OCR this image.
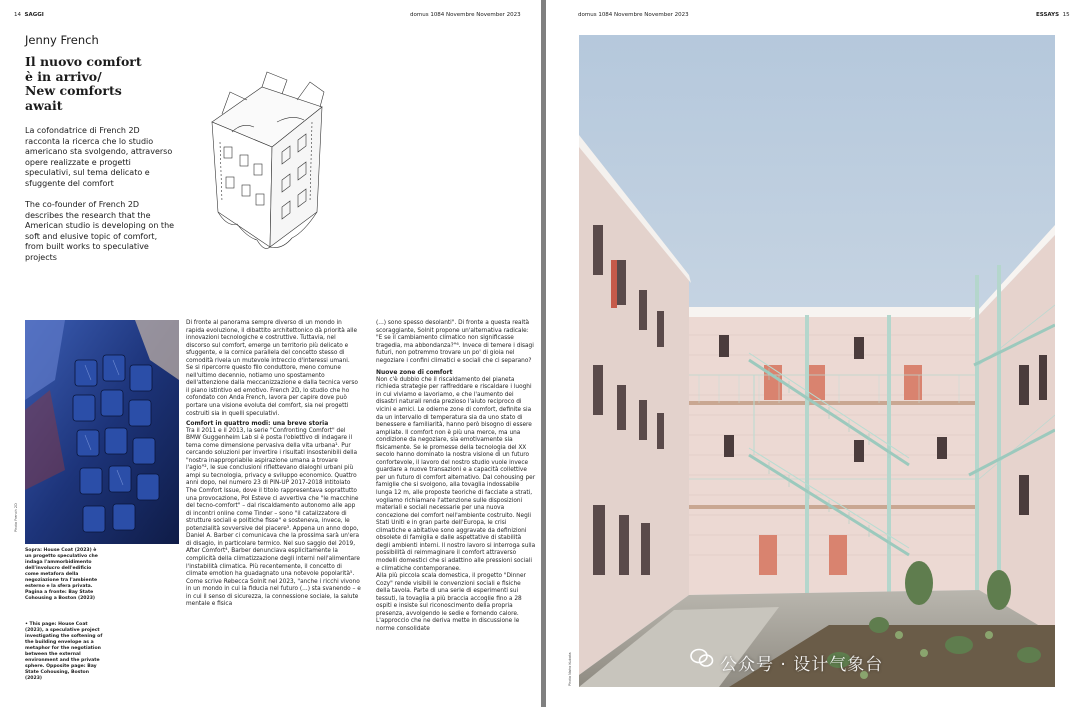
14 SAGGI	domus 1084 Novembre November 2023
Jenny French
Il nuovo comfort
è in arrivo/
New comforts
await
La cofondatrice di French 2D racconta la ricerca che lo studio americano sta svolgendo, attraverso opere realizzate e progetti speculativi, sul tema delicato e sfuggente del comfort
The co-founder of French 2D describes the research that the American studio is developing on the soft and elusive topic of comfort, from built works to speculative projects
Photo French 2D
Sopra: House Coat (2023) è un progetto speculativo che indaga l'ammorbidimento dell'involucro dell'edificio come metafora della negoziazione tra l'ambiente esterno e la sfera privata. Pagina a fronte: Bay State Cohousing a Boston (2023)
• This page: House Coat (2023), a speculative project investigating the softening of the building envelope as a metaphor for the negotiation between the external environment and the private sphere. Opposite page: Bay State Cohousing, Boston (2023)

Di fronte al panorama sempre diverso di un mondo in rapida evoluzione, il dibattito architettonico dà priorità alle innovazioni tecnologiche e costruttive. Tuttavia, nel discorso sul comfort, emerge un territorio più delicato e sfuggente, e la cornice parallela del concetto stesso di comodità rivela un mutevole intreccio d'interessi umani.

Se si ripercorre questo filo conduttore, meno comune nell'ultimo decennio, notiamo uno spostamento dell'attenzione dalla meccanizzazione e dalla tecnica verso il piano istintivo ed emotivo. French 2D, lo studio che ho cofondato con Anda French, lavora per capire dove può portare una visione evoluta del comfort, sia nei progetti costruiti sia in quelli speculativi.

Comfort in quattro modi: una breve storia

Tra il 2011 e il 2013, la serie "Confronting Comfort" del BMW Guggenheim Lab si è posta l'obiettivo di indagare il tema come dimensione pervasiva della vita urbana¹. Pur cercando soluzioni per invertire i risultati insostenibili della "nostra inappropriabile aspirazione umana a trovare l'agio"², le sue conclusioni riflettevano dialoghi urbani più ampi su tecnologia, privacy e sviluppo economico. Quattro anni dopo, nel numero 23 di PIN-UP 2017-2018 intitolato The Comfort Issue, dove il titolo rappresentava soprattutto una provocazione, Pol Esteve ci avvertiva che "le macchine del tecno-comfort" – dal riscaldamento autonomo alle app di incontri online come Tinder – sono "il catalizzatore di strutture sociali e politiche fisse" e sosteneva, invece, le potenzialità sovversive del piacere³. Appena un anno dopo, Daniel A. Barber ci comunicava che la prossima sarà un'era di disagio, in particolare termico. Nel suo saggio del 2019, After Comfort⁴, Barber denunciava esplicitamente la complicità della climatizzazione degli interni nell'alimentare l'instabilità climatica. Più recentemente, il concetto di climate emotion ha guadagnato una notevole popolarità⁵. Come scrive Rebecca Solnit nel 2023, "anche i ricchi vivono in un mondo in cui la fiducia nel futuro (...) sta svanendo – e in cui il senso di sicurezza, la connessione sociale, la salute mentale e fisica

(...) sono spesso desolanti". Di fronte a questa realtà scoraggiante, Solnit propone un'alternativa radicale: "E se il cambiamento climatico non significasse tragedia, ma abbondanza?"⁶. Invece di temere i disagi futuri, non potremmo trovare un po' di gioia nel negoziare i confini climatici e sociali che ci separano?

Nuove zone di comfort

Non c'è dubbio che il riscaldamento del pianeta richieda strategie per raffreddare e riscaldare i luoghi in cui viviamo e lavoriamo, e che l'aumento dei disastri naturali renda prezioso l'aiuto reciproco di vicini e amici. Le odierne zone di comfort, definite sia da un intervallo di temperatura sia da uno stato di benessere e familiarità, hanno però bisogno di essere ampliate. Il comfort non è più una merce, ma una condizione da negoziare, sia emotivamente sia fisicamente. Se le promesse della tecnologia del XX secolo hanno dominato la nostra visione di un futuro confortevole, il lavoro del nostro studio vuole invece guardare a nuove transazioni e a capacità collettive per un futuro di comfort alternativo. Dal cohousing per famiglie che si svolgono, alla tovaglia indossabile lunga 12 m, alle proposte teoriche di facciate a strati, vogliamo richiamare l'attenzione sulle disposizioni materiali e sociali necessarie per una nuova concezione del comfort nell'ambiente costruito. Negli Stati Uniti e in gran parte dell'Europa, le crisi climatiche e abitative sono aggravate da definizioni obsolete di famiglia e dalle aspettative di stabilità degli ambienti interni. Il nostro lavoro si interroga sulla possibilità di reimmaginare il comfort attraverso modelli domestici che si adattino alle pressioni sociali e climatiche contemporanee.

Alla più piccola scala domestica, il progetto "Dinner Cozy" rende visibili le convenzioni sociali e fisiche della tavola. Parte di una serie di esperimenti sui tessuti, la tovaglia a più braccia accoglie fino a 28 ospiti e insiste sul riconoscimento della propria presenza, avvolgendo le sedie e fornendo calore. L'approccio che ne deriva mette in discussione le norme consolidate

domus 1084 Novembre November 2023	ESSAYS 15
Photo Naho Kubota	公众号 · 设计气象台
